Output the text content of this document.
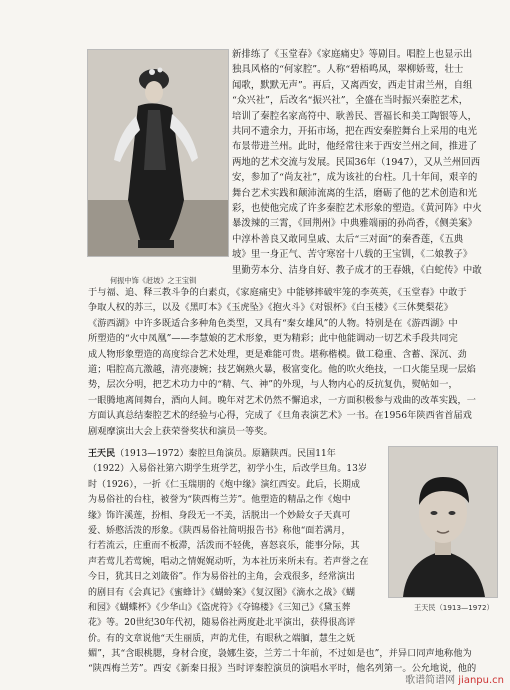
何振中饰《赶坡》之王宝钏
新排练了《玉堂春》《家庭痛史》等剧目。唱腔上也显示出
独具风格的“何家腔”。人称“碧梧鸣凤，翠柳娇莺，壮士
闻歌，默默无声”。再后，又离西安，西走甘肃兰州，自组
“众兴社”，后改名“振兴社”，全盛在当时振兴秦腔艺术，
培训了秦腔名家高符中、耿善民、晋福长和美工陶银等人，
共同不遗余力，开拓市场，把在西安秦腔舞台上采用的电光
布景带进兰州。此时，他经常往来于西安兰州之间，推进了
两地的艺术交流与发展。民国36年（1947），又从兰州回西
安，参加了“尚友社”，成为该社的台柱。几十年间，艰辛的
舞台艺术实践和颠沛流离的生活，磨砺了他的艺术创造和光
彩，也使他完成了许多秦腔艺术形象的塑造。《黄河阵》中火
暴泼辣的三霄，《回荆州》中典雅端丽的孙尚香，《侧美案》
中淳朴善良又敢同皇戚、太后“三对面”的秦香莲，《五典
坡》里一身正气、苦守寒窑十八载的王宝钏，《二娘教子》
里勤劳本分、洁身自好、教子成才的王春娥，《白蛇传》中敢
于与福、追、释三教斗争的白素贞，《家庭痛史》中能够摔破牢笼的李英英，《玉堂春》中敢于
争取人权的苏三，以及《黑叮本》《玉虎坠》《抱火斗》《对银杯》《白玉楼》《三休樊梨花》
《游西湖》中许多既适合多种角色类型，又具有“秦女雄风”的人物。特别是在《游西湖》中
所塑造的“火中凤凰”——李慧娘的艺术形象，更为精彩；此中他能调动一切艺术手段共同完
成人物形象塑造的高度综合艺术处理，更是难能可贵。堪称楷模。做工稳重、含蓄、深沉、劲
道；唱腔高亢激越，清亮凄婉；技艺娴熟火暴，极富变化。他的吹火绝技，一口火能呈现一层焰
势，层次分明，把艺术功力中的“精、气、神”的外现，与人物内心的反抗复仇，熨帖如一，
一眼腾地离间舞台，酒向人间。晚年对艺术仍然不懈追求，一方面积极参与戏曲的改革实践，一
方面认真总结秦腔艺术的经验与心得，完成了《旦角表演艺术》一书。在1956年陕西省首届戏
剧观摩演出大会上获荣誉奖状和演员一等奖。
王天民（1913—1972）秦腔旦角演员。原籍陕西。民国11年
（1922）入易俗社第六期学生班学艺，初学小生，后改学旦角。13岁
时（1926），一折《仁玉瑞朋的《炮中缘》演红西安。此后，长期成
为易俗社的台柱，被誉为“陕西梅兰芳”。他塑造的精品之作《炮中
缘》饰许溪莲，扮相、身段无一不美，活脱出一个妙龄女子天真可
爱、娇憨活泼的形象。《陕西易俗社简明报告书》称他“面若满月，
行若流云，庄重而不板滞，活泼而不轻佻，喜怒哀乐，能事分际，其
声若莺儿若莺婉，唱动之情娓娓动听，为本社历来所未有。若声誉之在
今日，犹其日之刘箴俗”。作为易俗社的主角，会戏很多，经常演出
的剧目有《会真记》《蜜蜂计》《蝴蛉案》《复汉图》《滴水之战》《蝴
和园》《蝴蝶杯》《少华山》《盗虎符》《夺锦楼》《三知己》《黛玉葬
花》等。20世纪30年代初，随易俗社两度赴北平演出，获得很高评
价。有的文章说他“天生丽质，声韵尤佳，有眼秋之端腼，慧生之妩
王天民（1913—1972）
媚”，其“含眼桃腮，身材合度，袅娜生姿，兰芳二十年前，不过如是也”，并异口同声地称他为
“陕西梅兰芳”。西安《新秦日报》当时评秦腔演员的演唱水平时，他名列第一。公允地说，他的
歌谱简谱网 jianpu.cn
